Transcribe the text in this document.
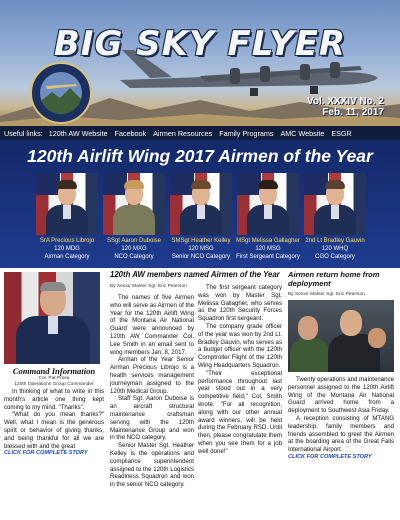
BIG SKY FLYER
Vol. XXXIV No. 2
Feb. 11, 2017
Useful links: 120th AW Website Facebook Airmen Resources Family Programs AMC Website ESGR
120th Airlift Wing 2017 Airmen of the Year
SrA Precious Librojo
120 MDG
Airman Category
SSgt Aaron Duboise
120 MXG
NCO Category
SMSgt Heather Kelley
120 MSG
Senior NCO Category
MSgt Melissa Gallagher
120 MSG
First Sergeant Category
2nd Lt Bradley Gauvin
120 WHQ
CGO Category

Command Information

Col. Pat Prose

120th Operations Group Commander

In thinking of what to write in this month's article one thing kept coming to my mind. "Thanks".

"What do you mean thanks?" Well, what I mean is the generous spirit or behavior of giving thanks, and being thankful for all we are blessed with and the great

CLICK FOR COMPLETE STORY
120th AW members named Airmen of the Year
By Senior Master Sgt. Eric Peterson

The names of five Airmen who will serve as Airmen of the Year for the 120th Airlift Wing of the Montana Air National Guard were announced by 120th AW Commander Col. Lee Smith in an email sent to wing members Jan. 8, 2017.

Airman of the Year Senior Airman Precious Librojo is a health services management journeyman assigned to the 120th Medical Group.

Staff Sgt. Aaron Duboise is an aircraft structural maintenance craftsman serving with the 120th Maintenance Group and won in the NCO category.

Senior Master Sgt. Heather Kelley is the operations and compliance superintendent assigned to the 120th Logistics Readiness Squadron and won in the senior NCO category.

The first sergeant category was won by Master Sgt. Melissa Gallagher, who serves as the 120th Security Forces Squadron first sergeant.

The company grade officer of the year was won by 2nd Lt. Bradley Gauvin, who serves as a budget officer with the 120th Comptroller Flight of the 120th Wing Headquarters Squadron.

"Their exceptional performance throughout last year stood out in a very competitive field," Col. Smith wrote. "For all recognition, along with our other annual award winners, will be held during the February RSD. Until then, please congratulate them when you see them for a job well done!"

Airmen return home from deployment
By Senior Master Sgt. Eric Peterson

Twenty operations and maintenance personnel assigned to the 120th Airlift Wing of the Montana Air National Guard arrived home from a deployment to Southwest Asia Friday.

A reception consisting of MTANG leadership, family members and friends assembled to greet the Airmen at the boarding area of the Great Falls International Airport.

CLICK FOR COMPLETE STORY
